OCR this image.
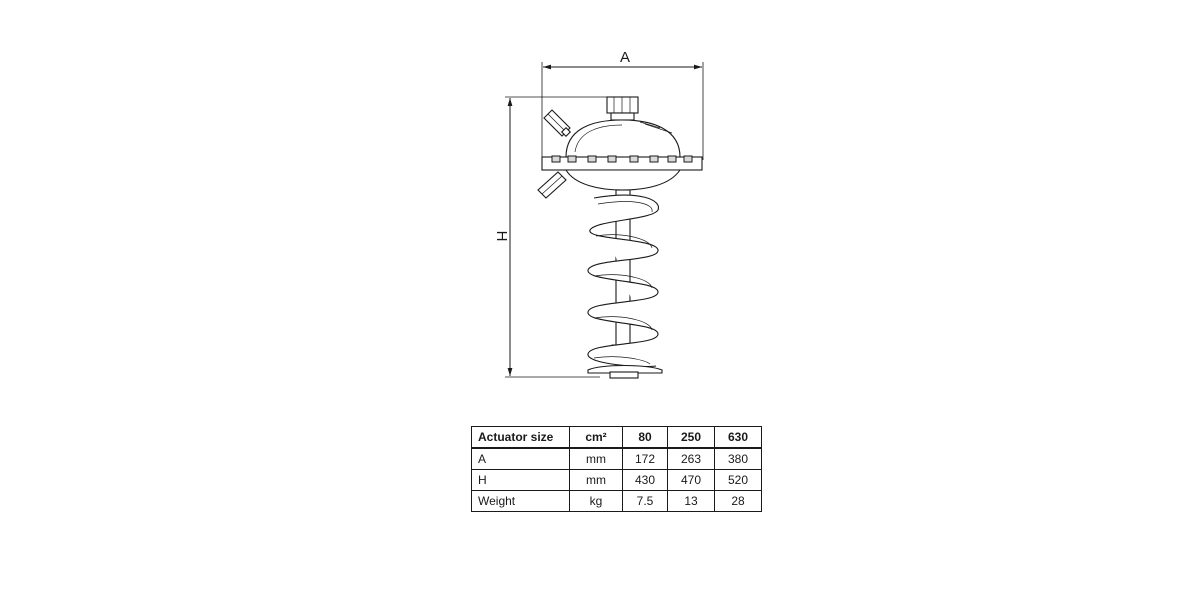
A
H
Actuator size	cm²	80	250	630
A	mm	172	263	380
H	mm	430	470	520
Weight	kg	7.5	13	28
